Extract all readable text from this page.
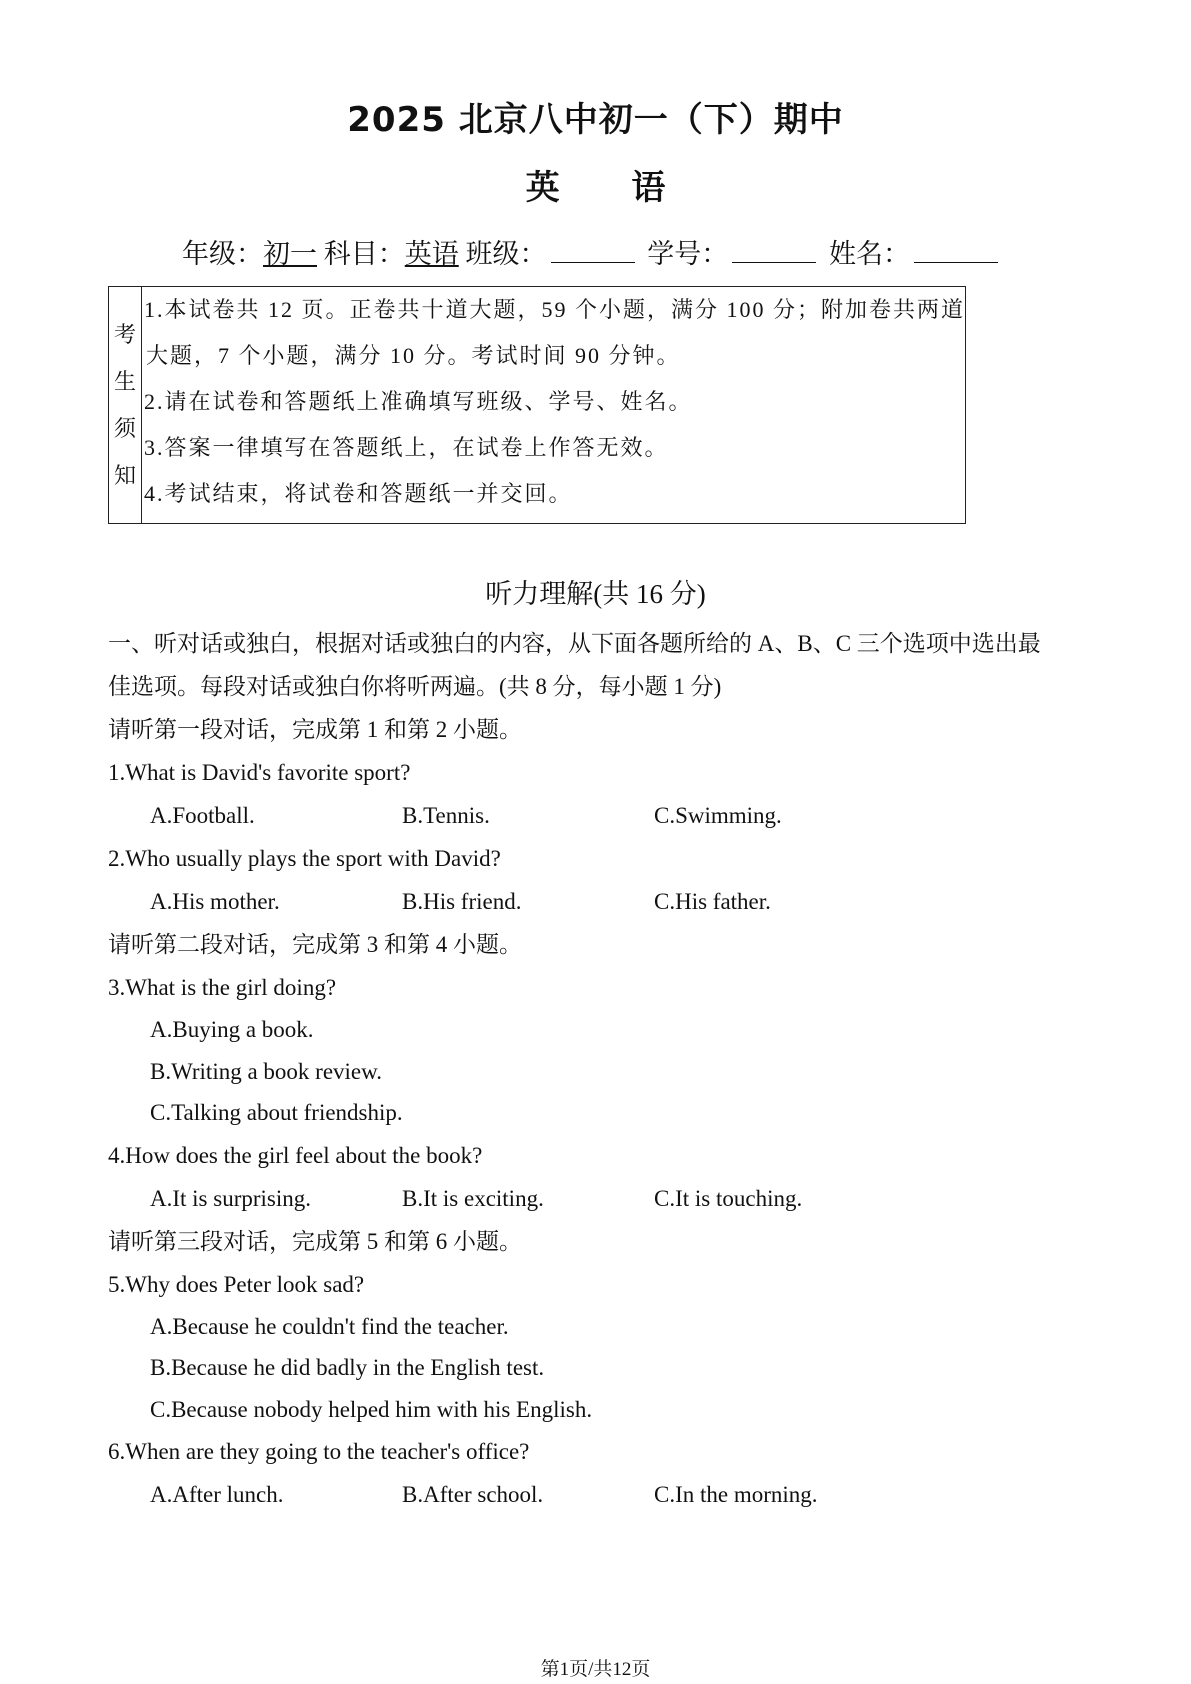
2025 北京八中初一（下）期中
英 语
年级：初一 科目：英语 班级：	学号：	姓名：
考
生
须
知
1.本试卷共 12 页。正卷共十道大题，59 个小题，满分 100 分；附加卷共两道
大题，7 个小题，满分 10 分。考试时间 90 分钟。
2.请在试卷和答题纸上准确填写班级、学号、姓名。
3.答案一律填写在答题纸上，在试卷上作答无效。
4.考试结束，将试卷和答题纸一并交回。
听力理解(共 16 分)
一、听对话或独白，根据对话或独白的内容，从下面各题所给的 A、B、C 三个选项中选出最
佳选项。每段对话或独白你将听两遍。(共 8 分，每小题 1 分)
请听第一段对话，完成第 1 和第 2 小题。
1.What is David's favorite sport?
A.Football.	B.Tennis.	C.Swimming.
2.Who usually plays the sport with David?
A.His mother.	B.His friend.	C.His father.
请听第二段对话，完成第 3 和第 4 小题。
3.What is the girl doing?
A.Buying a book.
B.Writing a book review.
C.Talking about friendship.
4.How does the girl feel about the book?
A.It is surprising.	B.It is exciting.	C.It is touching.
请听第三段对话，完成第 5 和第 6 小题。
5.Why does Peter look sad?
A.Because he couldn't find the teacher.
B.Because he did badly in the English test.
C.Because nobody helped him with his English.
6.When are they going to the teacher's office?
A.After lunch.	B.After school.	C.In the morning.
第1页/共12页
